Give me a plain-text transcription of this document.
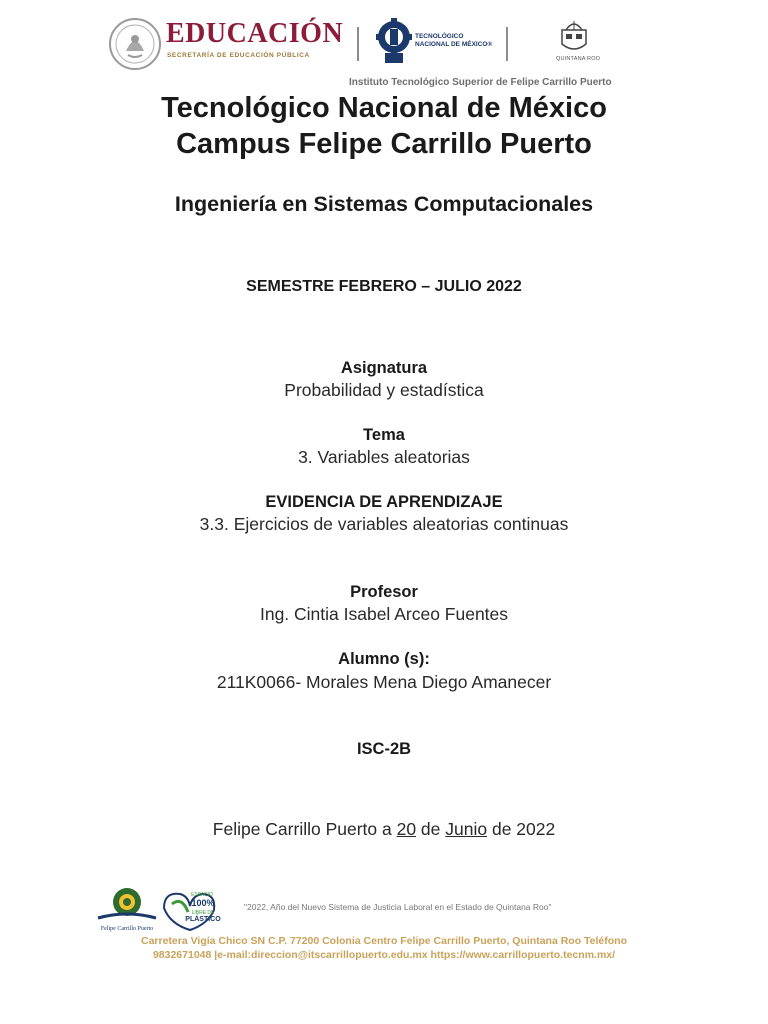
EDUCACIÓN
SECRETARÍA DE EDUCACIÓN PÚBLICA
TECNOLÓGICO
NACIONAL DE MÉXICO®
QUINTANA ROO
Instituto Tecnológico Superior de Felipe Carrillo Puerto
Tecnológico Nacional de México
Campus Felipe Carrillo Puerto
Ingeniería en Sistemas Computacionales
SEMESTRE FEBRERO – JULIO 2022
Asignatura
Probabilidad y estadística
Tema
3. Variables aleatorias
EVIDENCIA DE APRENDIZAJE
3.3. Ejercicios de variables aleatorias continuas
Profesor
Ing. Cintia Isabel Arceo Fuentes
Alumno (s):
211K0066- Morales Mena Diego Amanecer
ISC-2B
Felipe Carrillo Puerto a 20 de Junio de 2022
Felipe Carrillo Puerto
ESPACIO
100%
LIBRE DE
PLÁSTICO
"2022, Año del Nuevo Sistema de Justicia Laboral en el Estado de Quintana Roo"
Carretera Vigía Chico SN C.P. 77200 Colonia Centro Felipe Carrillo Puerto, Quintana Roo Teléfono
9832671048 |e-mail:direccion@itscarrillopuerto.edu.mx https://www.carrillopuerto.tecnm.mx/
